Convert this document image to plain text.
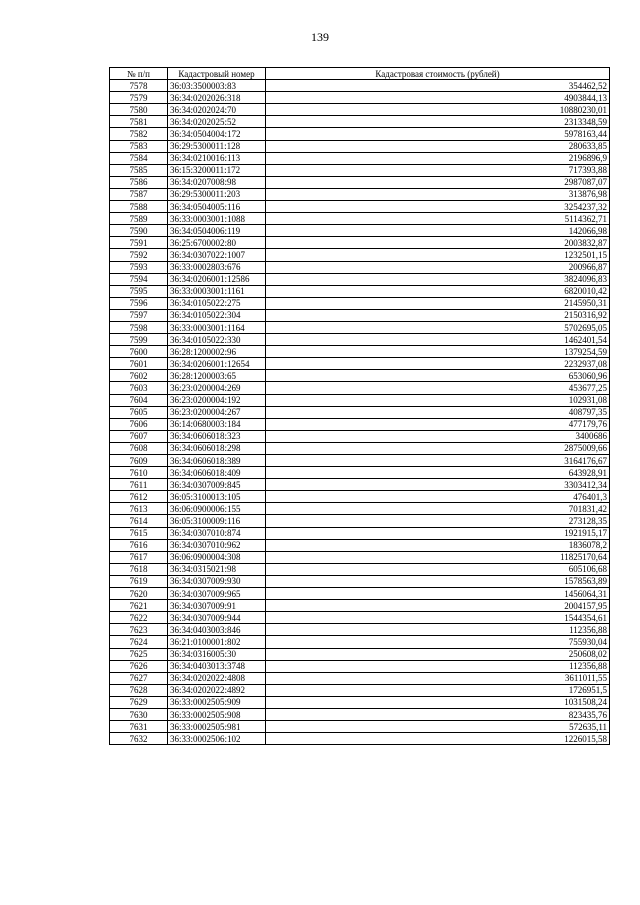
139
№ п/п	Кадастровый номер	Кадастровая стоимость (рублей)
7578	36:03:3500003:83	354462,52
7579	36:34:0202026:318	4903844,13
7580	36:34:0202024:70	10880230,01
7581	36:34:0202025:52	2313348,59
7582	36:34:0504004:172	5978163,44
7583	36:29:5300011:128	280633,85
7584	36:34:0210016:113	2196896,9
7585	36:15:3200011:172	717393,88
7586	36:34:0207008:98	2987087,07
7587	36:29:5300011:203	313876,98
7588	36:34:0504005:116	3254237,32
7589	36:33:0003001:1088	5114362,71
7590	36:34:0504006:119	142066,98
7591	36:25:6700002:80	2003832,87
7592	36:34:0307022:1007	1232501,15
7593	36:33:0002803:676	200966,87
7594	36:34:0206001:12586	3824096,83
7595	36:33:0003001:1161	6820010,42
7596	36:34:0105022:275	2145950,31
7597	36:34:0105022:304	2150316,92
7598	36:33:0003001:1164	5702695,05
7599	36:34:0105022:330	1462401,54
7600	36:28:1200002:96	1379254,59
7601	36:34:0206001:12654	2232937,08
7602	36:28:1200003:65	653060,96
7603	36:23:0200004:269	453677,25
7604	36:23:0200004:192	102931,08
7605	36:23:0200004:267	408797,35
7606	36:14:0680003:184	477179,76
7607	36:34:0606018:323	3400686
7608	36:34:0606018:298	2875009,66
7609	36:34:0606018:389	3164176,67
7610	36:34:0606018:409	643928,91
7611	36:34:0307009:845	3303412,34
7612	36:05:3100013:105	476401,3
7613	36:06:0900006:155	701831,42
7614	36:05:3100009:116	273128,35
7615	36:34:0307010:874	1921915,17
7616	36:34:0307010:962	1836078,2
7617	36:06:0900004:308	11825170,64
7618	36:34:0315021:98	605106,68
7619	36:34:0307009:930	1578563,89
7620	36:34:0307009:965	1456064,31
7621	36:34:0307009:91	2004157,95
7622	36:34:0307009:944	1544354,61
7623	36:34:0403003:846	112356,88
7624	36:21:0100001:802	755930,04
7625	36:34:0316005:30	250608,02
7626	36:34:0403013:3748	112356,88
7627	36:34:0202022:4808	3611011,55
7628	36:34:0202022:4892	1726951,5
7629	36:33:0002505:909	1031508,24
7630	36:33:0002505:908	823435,76
7631	36:33:0002505:981	572635,11
7632	36:33:0002506:102	1226015,58
